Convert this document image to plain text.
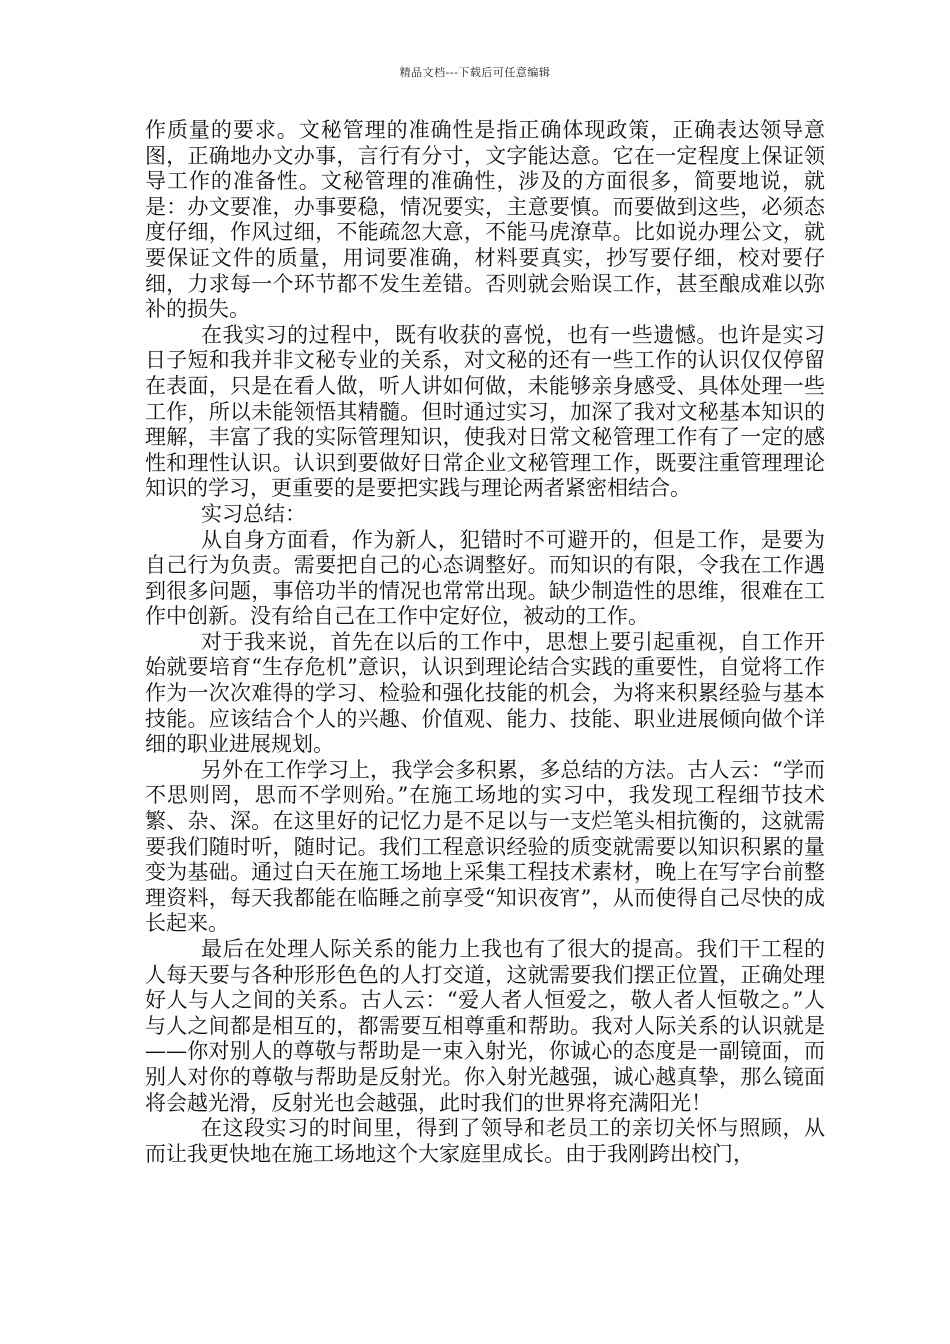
精品文档---下载后可任意编辑

作质量的要求。文秘管理的准确性是指正确体现政策，正确表达领导意图，正确地办文办事，言行有分寸，文字能达意。它在一定程度上保证领导工作的准备性。文秘管理的准确性，涉及的方面很多，简要地说，就是：办文要准，办事要稳，情况要实，主意要慎。而要做到这些，必须态度仔细，作风过细，不能疏忽大意，不能马虎潦草。比如说办理公文，就要保证文件的质量，用词要准确，材料要真实，抄写要仔细，校对要仔细，力求每一个环节都不发生差错。否则就会贻误工作，甚至酿成难以弥补的损失。

在我实习的过程中，既有收获的喜悦，也有一些遗憾。也许是实习日子短和我并非文秘专业的关系，对文秘的还有一些工作的认识仅仅停留在表面，只是在看人做，听人讲如何做，未能够亲身感受、具体处理一些工作，所以未能领悟其精髓。但时通过实习，加深了我对文秘基本知识的理解，丰富了我的实际管理知识，使我对日常文秘管理工作有了一定的感性和理性认识。认识到要做好日常企业文秘管理工作，既要注重管理理论知识的学习，更重要的是要把实践与理论两者紧密相结合。

实习总结：

从自身方面看，作为新人，犯错时不可避开的，但是工作，是要为自己行为负责。需要把自己的心态调整好。而知识的有限，令我在工作遇到很多问题，事倍功半的情况也常常出现。缺少制造性的思维，很难在工作中创新。没有给自己在工作中定好位，被动的工作。

对于我来说，首先在以后的工作中，思想上要引起重视，自工作开始就要培育“生存危机”意识，认识到理论结合实践的重要性，自觉将工作作为一次次难得的学习、检验和强化技能的机会，为将来积累经验与基本技能。应该结合个人的兴趣、价值观、能力、技能、职业进展倾向做个详细的职业进展规划。

另外在工作学习上，我学会多积累，多总结的方法。古人云：“学而不思则罔，思而不学则殆。”在施工场地的实习中，我发现工程细节技术繁、杂、深。在这里好的记忆力是不足以与一支烂笔头相抗衡的，这就需要我们随时听，随时记。我们工程意识经验的质变就需要以知识积累的量变为基础。通过白天在施工场地上采集工程技术素材，晚上在写字台前整理资料，每天我都能在临睡之前享受“知识夜宵”，从而使得自己尽快的成长起来。

最后在处理人际关系的能力上我也有了很大的提高。我们干工程的人每天要与各种形形色色的人打交道，这就需要我们摆正位置，正确处理好人与人之间的关系。古人云：“爱人者人恒爱之，敬人者人恒敬之。”人与人之间都是相互的，都需要互相尊重和帮助。我对人际关系的认识就是——你对别人的尊敬与帮助是一束入射光，你诚心的态度是一副镜面，而别人对你的尊敬与帮助是反射光。你入射光越强，诚心越真挚，那么镜面将会越光滑，反射光也会越强，此时我们的世界将充满阳光！

在这段实习的时间里，得到了领导和老员工的亲切关怀与照顾，从而让我更快地在施工场地这个大家庭里成长。由于我刚跨出校门，
